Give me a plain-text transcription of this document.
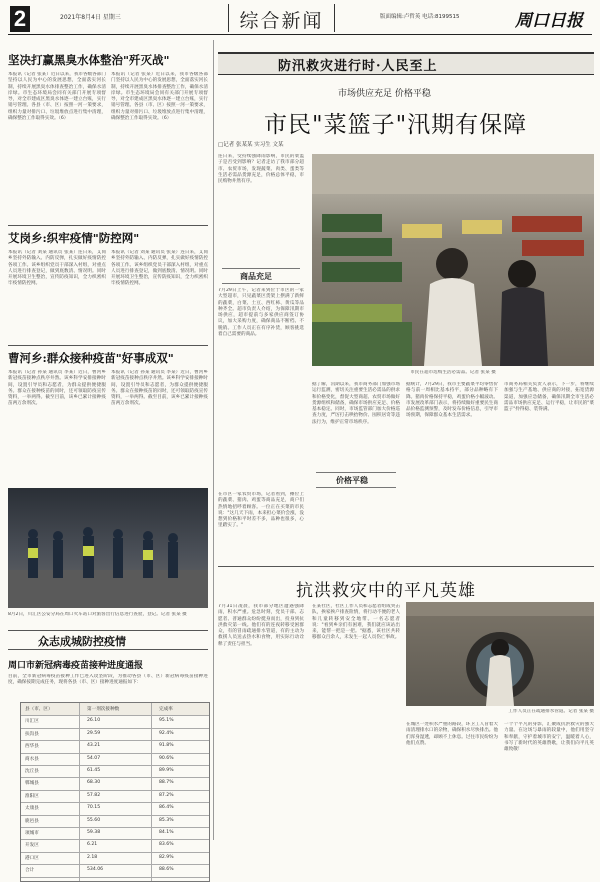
2	2021年8月4日 星期三	综合新闻	版面编辑:卢哲英 电话:8199515	周口日报
坚决打赢黑臭水体整治"歼灭战"
本报讯（记者 张某）近日以来，我市各级各部门坚持以人民为中心的发展思想，全面落实河长制，持续开展黑臭水体排查整治工作，确保水清岸绿。市生态环境局会同有关部门开展专项督导，对全市建成区黑臭水体逐一建立台账，实行销号管理。各县（市、区）按照一河一策要求，组织力量对排污口、垃圾堆放点进行集中清理，确保整治工作取得实效。（6）
本报讯（记者 张某）近日以来，我市各级各部门坚持以人民为中心的发展思想，全面落实河长制，持续开展黑臭水体排查整治工作，确保水清岸绿。市生态环境局会同有关部门开展专项督导，对全市建成区黑臭水体逐一建立台账，实行销号管理。各县（市、区）按照一河一策要求，组织力量对排污口、垃圾堆放点进行集中清理，确保整治工作取得实效。（6）
艾岗乡:织牢疫情"防控网"
本报讯（记者 刘某 通讯员 张某）连日来，艾岗乡坚持外防输入、内防反弹，扎实做好疫情防控各项工作。该乡组织党员干部深入村组，对重点人员进行排查登记，做到底数清、情况明。同时开展环境卫生整治，宣传防疫知识，全力织密织牢疫情防控网。
本报讯（记者 刘某 通讯员 张某）连日来，艾岗乡坚持外防输入、内防反弹，扎实做好疫情防控各项工作。该乡组织党员干部深入村组，对重点人员进行排查登记，做到底数清、情况明。同时开展环境卫生整治，宣传防疫知识，全力织密织牢疫情防控网。
曹河乡:群众接种疫苗"好事成双"
本报讯（记者 孙某 通讯员 李某）近日，曹河乡新冠疫苗接种点秩序井然。该乡科学安排接种时间，设置引导员和志愿者，为群众提供便捷服务。群众在接种疫苗的同时，还可领取防疫宣传资料，一举两得。截至目前，该乡已累计接种疫苗两万余剂次。
本报讯（记者 孙某 通讯员 李某）近日，曹河乡新冠疫苗接种点秩序井然。该乡科学安排接种时间，设置引导员和志愿者，为群众提供便捷服务。群众在接种疫苗的同时，还可领取防疫宣传资料，一举两得。截至目前，该乡已累计接种疫苗两万余剂次。
8月2日，川汇区公安分局在周口火车站口对旅客出行信息进行查验，登记。记者 张某 摄
众志成城防控疫情
周口市新冠病毒疫苗接种进度通报
目前，全市新冠病毒疫苗接种工作已进入攻坚阶段，为推动各县（市、区）新冠病毒疫苗接种进度，确保按期完成任务，现将各县（市、区）接种进度通报如下：
县（市、区）	第一剂次接种数	完成率
川汇区	26.10	95.1%
扶沟县	29.59	92.4%
西华县	43.21	91.8%
商水县	54.07	90.6%
沈丘县	61.45	89.9%
郸城县	68.30	88.7%
淮阳区	57.82	87.2%
太康县	70.15	86.4%
鹿邑县	55.60	85.3%
项城市	59.38	84.1%
开发区	6.21	83.6%
港口区	2.18	82.9%
合计	534.06	88.6%
防汛救灾进行时·人民至上
市场供应充足 价格平稳
市民"菜篮子"汛期有保障
□记者 张某某 实习生 文某
连日来，受持续强降雨影响，市民的菜篮子是否受到影响？记者走访了我市部分超市、农贸市场，发现蔬菜、肉类、蛋类等生活必需品货源充足，价格总体平稳，市民购物井然有序。
商品充足
7月29日上午，记者来到位于市区的一家大型超市，只见蔬菜区货架上摆满了新鲜的蔬菜，白菜、土豆、西红柿、黄瓜等品种齐全。超市负责人介绍，为保障汛期市场供应，超市提前与多家供应商签订协议，加大采购力度，确保商品不断档、不脱销。工作人员正在有序补货，顾客挑选着自己需要的商品。
在市区一家农贸市场，记者看到，摊位上的蔬菜、猪肉、鸡蛋等商品充足，商户们热情地招呼着顾客。一位正在买菜的市民说："这几天下雨，本来担心菜价会涨，没想到价格和平时差不多，品种也很多，心里踏实了。"
市民在超市选购生活必需品。记者 张某 摄
据了解，汛期以来，我市商务部门加强市场运行监测，密切关注重要生活必需品的供求和价格变化，督促大型商超、农贸市场做好货源组织和储备，确保市场供应充足、价格基本稳定。同时，市场监管部门加大价格巡查力度，严厉打击哄抬物价、囤积居奇等违法行为，维护正常市场秩序。
价格平稳
据统计，7月29日，我市主要蔬菜平均零售价格与前一周相比基本持平，部分品种略有下降。猪肉价格保持平稳，鸡蛋价格小幅波动。市发展改革部门表示，将持续做好重要民生商品价格监测预警，及时发布价格信息，引导市场预期，保障群众基本生活需求。
市商务局相关负责人表示，下一步，将继续加强与生产基地、供应商的对接，拓宽货源渠道，加强应急储备，确保汛期全市生活必需品市场供应充足、运行平稳，让市民的"菜篮子"拎得稳、装得满。
抗洪救灾中的平凡英雄
7月31日凌晨，我市部分地区遭遇强降雨，积水严重。危急时刻，党员干部、志愿者、普通群众纷纷挺身而出，投身到抗洪救灾第一线。他们有的连夜转移受困群众，有的冒雨疏通排水管道，有的主动为救援人员送去热水和食物，用实际行动诠释了责任与担当。
在某社区，社区工作人员和志愿者组成突击队，挨家挨户排查险情，将行动不便的老人和儿童转移到安全地带。一名志愿者说："看到乡亲们有困难，我们就应该站出来，能帮一把是一把。"据悉，该社区共转移群众百余人，未发生一起人员伤亡事故。
工作人员正在疏通排水管道。记者 张某 摄
在城区一处积水严重的路段，环卫工人冒着大雨清理排水口的杂物，确保积水尽快排出。他们浑身湿透，却顾不上休息。过往市民纷纷为他们点赞。
一个个平凡的身影，汇聚成抗洪救灾的强大力量。在这场与暴雨的较量中，他们用坚守和奉献，守护着城市的安宁，温暖着人心，书写了新时代的英雄赞歌，让我们向平凡英雄致敬！
